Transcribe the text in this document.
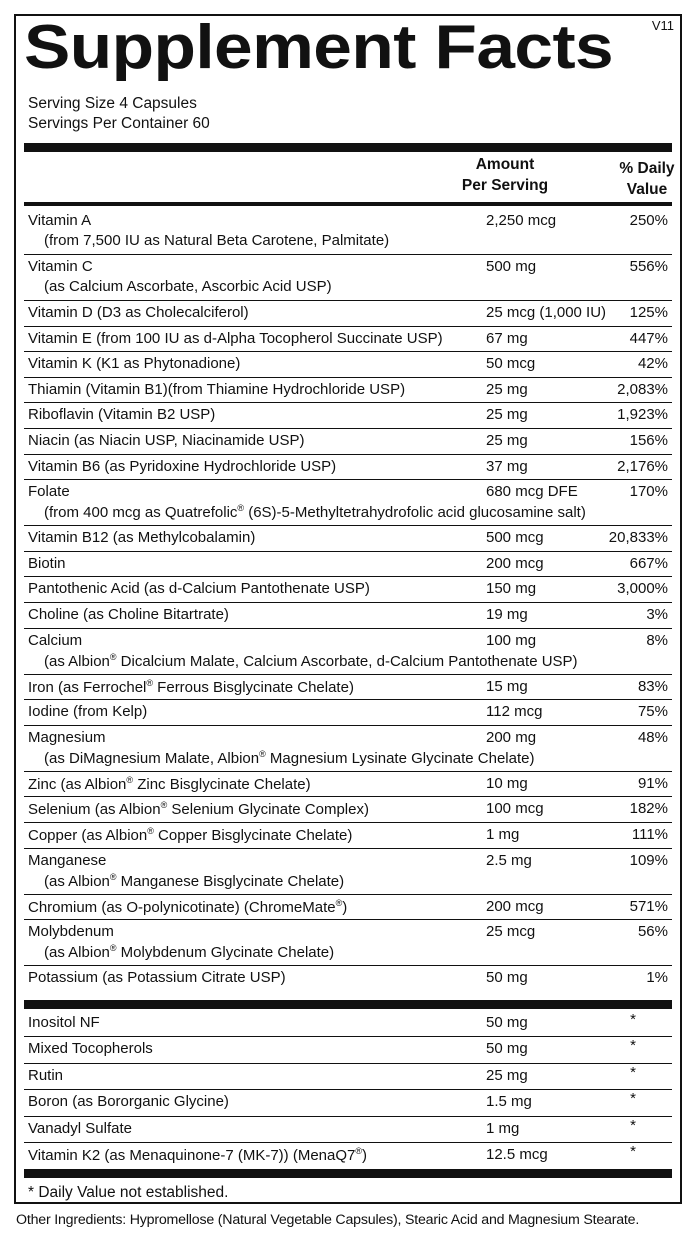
V11
Supplement Facts
Serving Size 4 Capsules
Servings Per Container 60
Amount
Per Serving
% Daily
Value
Vitamin A
(from 7,500 IU as Natural Beta Carotene, Palmitate)
2,250 mcg	250%
Vitamin C
(as Calcium Ascorbate, Ascorbic Acid USP)
500 mg	556%
Vitamin D (D3 as Cholecalciferol)	25 mcg (1,000 IU) 125%
Vitamin E (from 100 IU as d-Alpha Tocopherol Succinate USP)	67 mg	447%
Vitamin K (K1 as Phytonadione)	50 mcg	42%
Thiamin (Vitamin B1)(from Thiamine Hydrochloride USP)	25 mg	2,083%
Riboflavin (Vitamin B2 USP)	25 mg	1,923%
Niacin (as Niacin USP, Niacinamide USP)	25 mg	156%
Vitamin B6 (as Pyridoxine Hydrochloride USP)	37 mg	2,176%
Folate
(from 400 mcg as Quatrefolic® (6S)-5-Methyltetrahydrofolic acid glucosamine salt)
680 mcg DFE	170%
Vitamin B12 (as Methylcobalamin)	500 mcg	20,833%
Biotin	200 mcg	667%
Pantothenic Acid (as d-Calcium Pantothenate USP)	150 mg	3,000%
Choline (as Choline Bitartrate)	19 mg	3%
Calcium
(as Albion® Dicalcium Malate, Calcium Ascorbate, d-Calcium Pantothenate USP)
100 mg	8%
Iron (as Ferrochel® Ferrous Bisglycinate Chelate)	15 mg	83%
Iodine (from Kelp)	112 mcg	75%
Magnesium
(as DiMagnesium Malate, Albion® Magnesium Lysinate Glycinate Chelate)
200 mg	48%
Zinc (as Albion® Zinc Bisglycinate Chelate)	10 mg	91%
Selenium (as Albion® Selenium Glycinate Complex)	100 mcg	182%
Copper (as Albion® Copper Bisglycinate Chelate)	1 mg	111%
Manganese
(as Albion® Manganese Bisglycinate Chelate)
2.5 mg	109%
Chromium (as O-polynicotinate) (ChromeMate®)	200 mcg	571%
Molybdenum
(as Albion® Molybdenum Glycinate Chelate)
25 mcg	56%
Potassium (as Potassium Citrate USP)	50 mg	1%
Inositol NF	50 mg	*
Mixed Tocopherols	50 mg	*
Rutin	25 mg	*
Boron (as Bororganic Glycine)	1.5 mg	*
Vanadyl Sulfate	1 mg	*
Vitamin K2 (as Menaquinone-7 (MK-7)) (MenaQ7®)	12.5 mcg	*
* Daily Value not established.
Other Ingredients: Hypromellose (Natural Vegetable Capsules), Stearic Acid and Magnesium Stearate.
